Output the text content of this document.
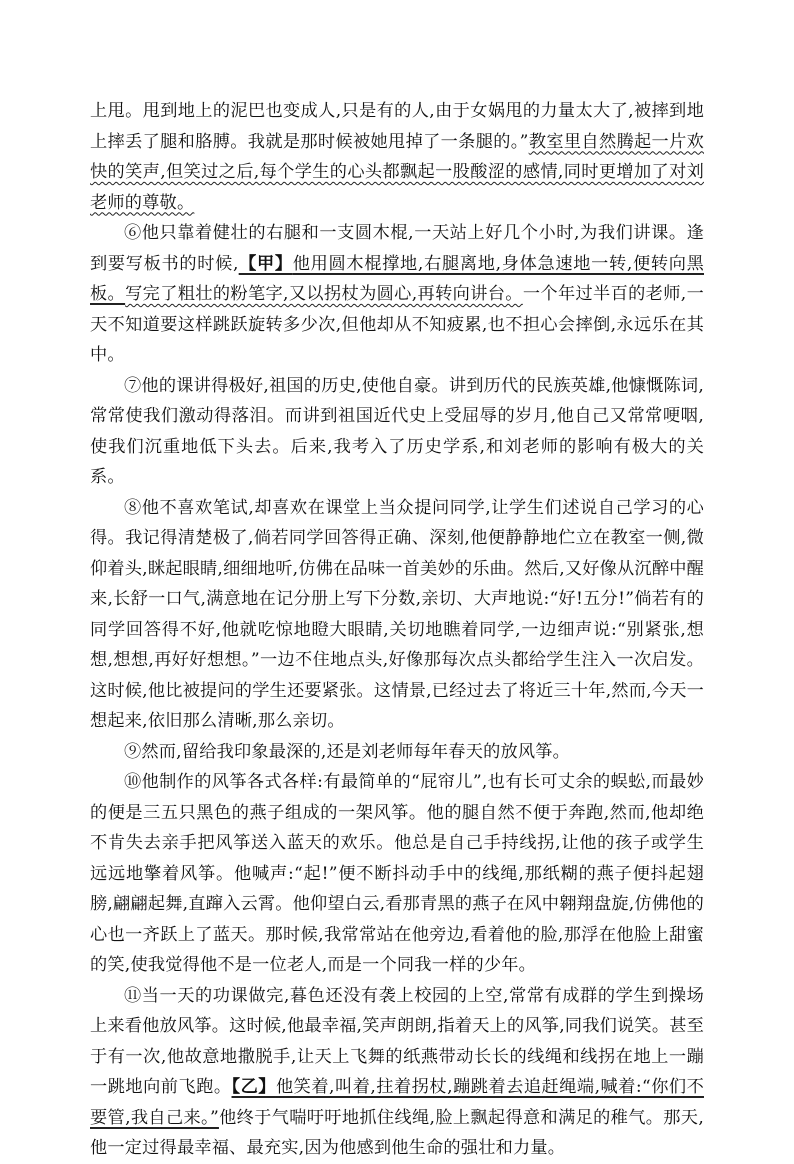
上甩。甩到地上的泥巴也变成人,只是有的人,由于女娲甩的力量太大了,被摔到地上摔丢了腿和胳膊。我就是那时候被她甩掉了一条腿的。”教室里自然腾起一片欢快的笑声,但笑过之后,每个学生的心头都飘起一股酸涩的感情,同时更增加了对刘老师的尊敬。

⑥他只靠着健壮的右腿和一支圆木棍,一天站上好几个小时,为我们讲课。逢到要写板书的时候,【甲】他用圆木棍撑地,右腿离地,身体急速地一转,便转向黑板。写完了粗壮的粉笔字,又以拐杖为圆心,再转向讲台。一个年过半百的老师,一天不知道要这样跳跃旋转多少次,但他却从不知疲累,也不担心会摔倒,永远乐在其中。

⑦他的课讲得极好,祖国的历史,使他自豪。讲到历代的民族英雄,他慷慨陈词,常常使我们激动得落泪。而讲到祖国近代史上受屈辱的岁月,他自己又常常哽咽,使我们沉重地低下头去。后来,我考入了历史学系,和刘老师的影响有极大的关系。

⑧他不喜欢笔试,却喜欢在课堂上当众提问同学,让学生们述说自己学习的心得。我记得清楚极了,倘若同学回答得正确、深刻,他便静静地伫立在教室一侧,微仰着头,眯起眼睛,细细地听,仿佛在品味一首美妙的乐曲。然后,又好像从沉醉中醒来,长舒一口气,满意地在记分册上写下分数,亲切、大声地说:“好!五分!”倘若有的同学回答得不好,他就吃惊地瞪大眼睛,关切地瞧着同学,一边细声说:“别紧张,想想,想想,再好好想想。”一边不住地点头,好像那每次点头都给学生注入一次启发。这时候,他比被提问的学生还要紧张。这情景,已经过去了将近三十年,然而,今天一想起来,依旧那么清晰,那么亲切。

⑨然而,留给我印象最深的,还是刘老师每年春天的放风筝。

⑩他制作的风筝各式各样:有最简单的“屁帘儿”,也有长可丈余的蜈蚣,而最妙的便是三五只黑色的燕子组成的一架风筝。他的腿自然不便于奔跑,然而,他却绝不肯失去亲手把风筝送入蓝天的欢乐。他总是自己手持线拐,让他的孩子或学生远远地擎着风筝。他喊声:“起!”便不断抖动手中的线绳,那纸糊的燕子便抖起翅膀,翩翩起舞,直蹿入云霄。他仰望白云,看那青黑的燕子在风中翱翔盘旋,仿佛他的心也一齐跃上了蓝天。那时候,我常常站在他旁边,看着他的脸,那浮在他脸上甜蜜的笑,使我觉得他不是一位老人,而是一个同我一样的少年。

⑪当一天的功课做完,暮色还没有袭上校园的上空,常常有成群的学生到操场上来看他放风筝。这时候,他最幸福,笑声朗朗,指着天上的风筝,同我们说笑。甚至于有一次,他故意地撒脱手,让天上飞舞的纸燕带动长长的线绳和线拐在地上一蹦一跳地向前飞跑。【乙】他笑着,叫着,拄着拐杖,蹦跳着去追赶绳端,喊着:“你们不要管,我自己来。”他终于气喘吁吁地抓住线绳,脸上飘起得意和满足的稚气。那天,他一定过得最幸福、最充实,因为他感到他生命的强壮和力量。
